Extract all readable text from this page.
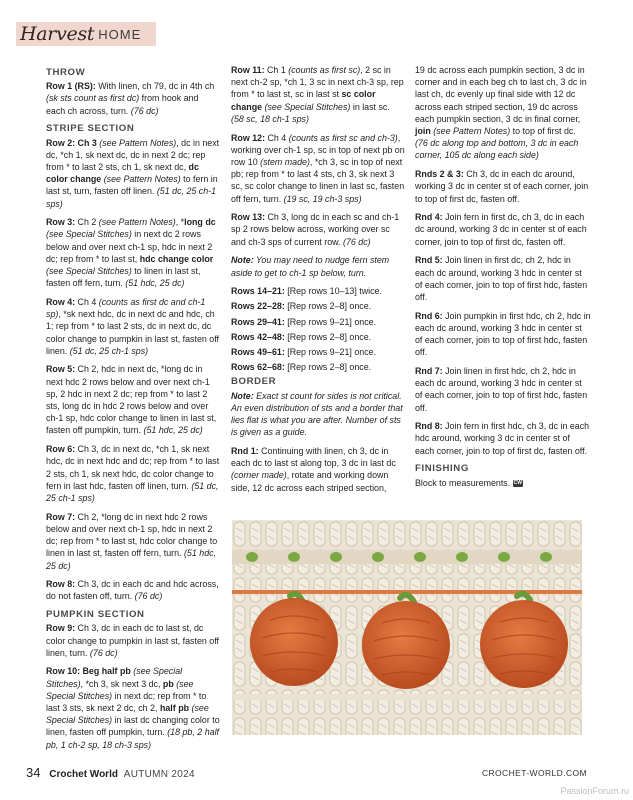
Harvest HOME
THROW

Row 1 (RS): With linen, ch 79, dc in 4th ch (sk sts count as first dc) from hook and each ch across, turn. (76 dc)

STRIPE SECTION

Row 2: Ch 3 (see Pattern Notes), dc in next dc, *ch 1, sk next dc, dc in next 2 dc; rep from * to last 2 sts, ch 1, sk next dc, dc color change (see Pattern Notes) to fern in last st, turn, fasten off linen. (51 dc, 25 ch-1 sps)

Row 3: Ch 2 (see Pattern Notes), *long dc (see Special Stitches) in next dc 2 rows below and over next ch-1 sp, hdc in next 2 dc; rep from * to last st, hdc change color (see Special Stitches) to linen in last st, fasten off fern, turn. (51 hdc, 25 dc)

Row 4: Ch 4 (counts as first dc and ch-1 sp), *sk next hdc, dc in next dc and hdc, ch 1; rep from * to last 2 sts, dc in next dc, dc color change to pumpkin in last st, fasten off linen. (51 dc, 25 ch-1 sps)

Row 5: Ch 2, hdc in next dc, *long dc in next hdc 2 rows below and over next ch-1 sp, 2 hdc in next 2 dc; rep from * to last 2 sts, long dc in hdc 2 rows below and over ch-1 sp, hdc color change to linen in last st, fasten off pumpkin, turn. (51 hdc, 25 dc)

Row 6: Ch 3, dc in next dc, *ch 1, sk next hdc, dc in next hdc and dc; rep from * to last 2 sts, ch 1, sk next hdc, dc color change to fern in last hdc, fasten off linen, turn. (51 dc, 25 ch-1 sps)

Row 7: Ch 2, *long dc in next hdc 2 rows below and over next ch-1 sp, hdc in next 2 dc; rep from * to last st, hdc color change to linen in last st, fasten off fern, turn. (51 hdc, 25 dc)

Row 8: Ch 3, dc in each dc and hdc across, do not fasten off, turn. (76 dc)

PUMPKIN SECTION

Row 9: Ch 3, dc in each dc to last st, dc color change to pumpkin in last st, fasten off linen, turn. (76 dc)

Row 10: Beg half pb (see Special Stitches), *ch 3, sk next 3 dc, pb (see Special Stitches) in next dc; rep from * to last 3 sts, sk next 2 dc, ch 2, half pb (see Special Stitches) in last dc changing color to linen, fasten off pumpkin, turn. (18 pb, 2 half pb, 1 ch-2 sp, 18 ch-3 sps)

Row 11: Ch 1 (counts as first sc), 2 sc in next ch-2 sp, *ch 1, 3 sc in next ch-3 sp, rep from * to last st, sc in last st sc color change (see Special Stitches) in last sc. (58 sc, 18 ch-1 sps)

Row 12: Ch 4 (counts as first sc and ch-3), working over ch-1 sp, sc in top of next pb on row 10 (stem made), *ch 3, sc in top of next pb; rep from * to last 4 sts, ch 3, sk next 3 sc, sc color change to linen in last sc, fasten off fern, turn. (19 sc, 19 ch-3 sps)

Row 13: Ch 3, long dc in each sc and ch-1 sp 2 rows below across, working over sc and ch-3 sps of current row. (76 dc)

Note: You may need to nudge fern stem aside to get to ch-1 sp below, turn.

Rows 14–21: [Rep rows 10–13] twice.

Rows 22–28: [Rep rows 2–8] once.

Rows 29–41: [Rep rows 9–21] once.

Rows 42–48: [Rep rows 2–8] once.

Rows 49–61: [Rep rows 9–21] once.

Rows 62–68: [Rep rows 2–8] once.

BORDER

Note: Exact st count for sides is not critical. An even distribution of sts and a border that lies flat is what you are after. Number of sts is given as a guide.

Rnd 1: Continuing with linen, ch 3, dc in each dc to last st along top, 3 dc in last dc (corner made), rotate and working down side, 12 dc across each striped section,

19 dc across each pumpkin section, 3 dc in corner and in each beg ch to last ch, 3 dc in last ch, dc evenly up final side with 12 dc across each striped section, 19 dc across each pumpkin section, 3 dc in final corner, join (see Pattern Notes) to top of first dc. (76 dc along top and bottom, 3 dc in each corner, 105 dc along each side)

Rnds 2 & 3: Ch 3, dc in each dc around, working 3 dc in center st of each corner, join to top of first dc, fasten off.

Rnd 4: Join fern in first dc, ch 3, dc in each dc around, working 3 dc in center st of each corner, join to top of first dc, fasten off.

Rnd 5: Join linen in first dc, ch 2, hdc in each dc around, working 3 hdc in center st of each corner, join to top of first hdc, fasten off.

Rnd 6: Join pumpkin in first hdc, ch 2, hdc in each dc around, working 3 hdc in center st of each corner, join to top of first hdc, fasten off.

Rnd 7: Join linen in first hdc, ch 2, hdc in each dc around, working 3 hdc in center st of each corner, join to top of first hdc, fasten off.

Rnd 8: Join fern in first hdc, ch 3, dc in each hdc around, working 3 dc in center st of each corner, join to top of first dc, fasten off.

FINISHING

Block to measurements. CW

34 Crochet World AUTUMN 2024	CROCHET-WORLD.COM
PassionForum.ru
